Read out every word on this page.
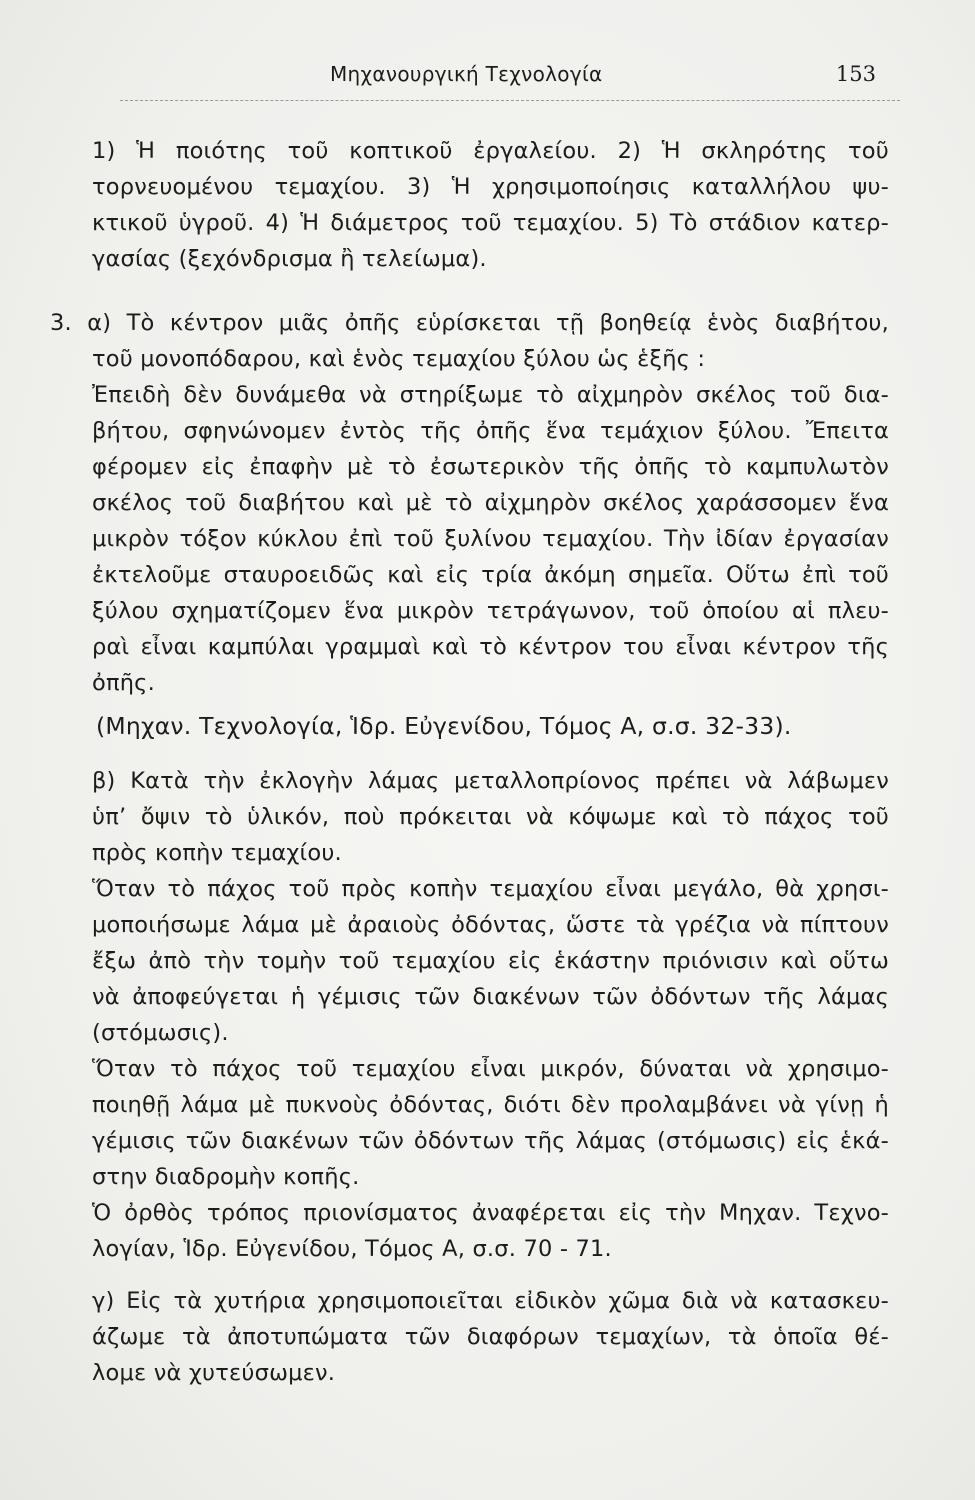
Μηχανουργική Τεχνολογία	153
1) Ἡ ποιότης τοῦ κοπτικοῦ ἐργαλείου. 2) Ἡ σκληρότης τοῦ
τορνευομένου τεμαχίου. 3) Ἡ χρησιμοποίησις καταλλήλου ψυ-
κτικοῦ ὑγροῦ. 4) Ἡ διάμετρος τοῦ τεμαχίου. 5) Τὸ στάδιον κατερ-
γασίας (ξεχόνδρισμα ἢ τελείωμα).
3. α) Τὸ κέντρον μιᾶς ὀπῆς εὑρίσκεται τῇ βοηθείᾳ ἑνὸς διαβήτου,
τοῦ μονοπόδαρου, καὶ ἑνὸς τεμαχίου ξύλου ὡς ἑξῆς :
Ἐπειδὴ δὲν δυνάμεθα νὰ στηρίξωμε τὸ αἰχμηρὸν σκέλος τοῦ δια-
βήτου, σφηνώνομεν ἐντὸς τῆς ὀπῆς ἕνα τεμάχιον ξύλου. Ἔπειτα
φέρομεν εἰς ἐπαφὴν μὲ τὸ ἐσωτερικὸν τῆς ὀπῆς τὸ καμπυλωτὸν
σκέλος τοῦ διαβήτου καὶ μὲ τὸ αἰχμηρὸν σκέλος χαράσσομεν ἕνα
μικρὸν τόξον κύκλου ἐπὶ τοῦ ξυλίνου τεμαχίου. Τὴν ἰδίαν ἐργασίαν
ἐκτελοῦμε σταυροειδῶς καὶ εἰς τρία ἀκόμη σημεῖα. Οὕτω ἐπὶ τοῦ
ξύλου σχηματίζομεν ἕνα μικρὸν τετράγωνον, τοῦ ὁποίου αἱ πλευ-
ραὶ εἶναι καμπύλαι γραμμαὶ καὶ τὸ κέντρον του εἶναι κέντρον τῆς
ὀπῆς.
(Μηχαν. Τεχνολογία, Ἱδρ. Εὐγενίδου, Τόμος Α, σ.σ. 32-33).
β) Κατὰ τὴν ἐκλογὴν λάμας μεταλλοπρίονος πρέπει νὰ λάβωμεν
ὑπ’ ὄψιν τὸ ὑλικόν, ποὺ πρόκειται νὰ κόψωμε καὶ τὸ πάχος τοῦ
πρὸς κοπὴν τεμαχίου.
Ὅταν τὸ πάχος τοῦ πρὸς κοπὴν τεμαχίου εἶναι μεγάλο, θὰ χρησι-
μοποιήσωμε λάμα μὲ ἀραιοὺς ὀδόντας, ὥστε τὰ γρέζια νὰ πίπτουν
ἔξω ἀπὸ τὴν τομὴν τοῦ τεμαχίου εἰς ἑκάστην πριόνισιν καὶ οὕτω
νὰ ἀποφεύγεται ἡ γέμισις τῶν διακένων τῶν ὀδόντων τῆς λάμας
(στόμωσις).
Ὅταν τὸ πάχος τοῦ τεμαχίου εἶναι μικρόν, δύναται νὰ χρησιμο-
ποιηθῇ λάμα μὲ πυκνοὺς ὀδόντας, διότι δὲν προλαμβάνει νὰ γίνῃ ἡ
γέμισις τῶν διακένων τῶν ὀδόντων τῆς λάμας (στόμωσις) εἰς ἑκά-
στην διαδρομὴν κοπῆς.
Ὁ ὀρθὸς τρόπος πριονίσματος ἀναφέρεται εἰς τὴν Μηχαν. Τεχνο-
λογίαν, Ἱδρ. Εὐγενίδου, Τόμος Α, σ.σ. 70 - 71.
γ) Εἰς τὰ χυτήρια χρησιμοποιεῖται εἰδικὸν χῶμα διὰ νὰ κατασκευ-
άζωμε τὰ ἀποτυπώματα τῶν διαφόρων τεμαχίων, τὰ ὁποῖα θέ-
λομε νὰ χυτεύσωμεν.
